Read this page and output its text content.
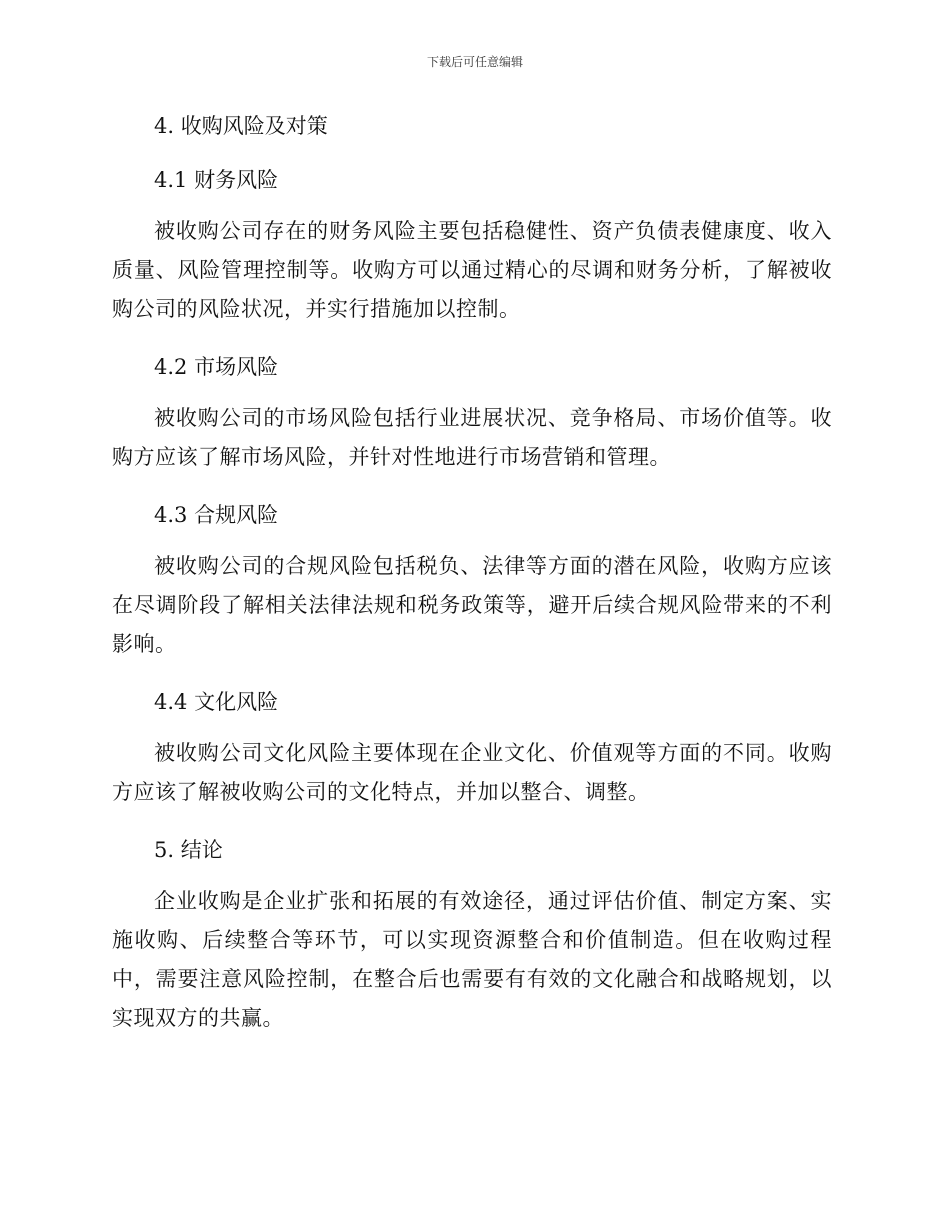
下载后可任意编辑
4. 收购风险及对策
4.1 财务风险

被收购公司存在的财务风险主要包括稳健性、资产负债表健康度、收入质量、风险管理控制等。收购方可以通过精心的尽调和财务分析，了解被收购公司的风险状况，并实行措施加以控制。

4.2 市场风险

被收购公司的市场风险包括行业进展状况、竞争格局、市场价值等。收购方应该了解市场风险，并针对性地进行市场营销和管理。

4.3 合规风险

被收购公司的合规风险包括税负、法律等方面的潜在风险，收购方应该在尽调阶段了解相关法律法规和税务政策等，避开后续合规风险带来的不利影响。

4.4 文化风险

被收购公司文化风险主要体现在企业文化、价值观等方面的不同。收购方应该了解被收购公司的文化特点，并加以整合、调整。

5. 结论

企业收购是企业扩张和拓展的有效途径，通过评估价值、制定方案、实施收购、后续整合等环节，可以实现资源整合和价值制造。但在收购过程中，需要注意风险控制，在整合后也需要有有效的文化融合和战略规划，以实现双方的共赢。
